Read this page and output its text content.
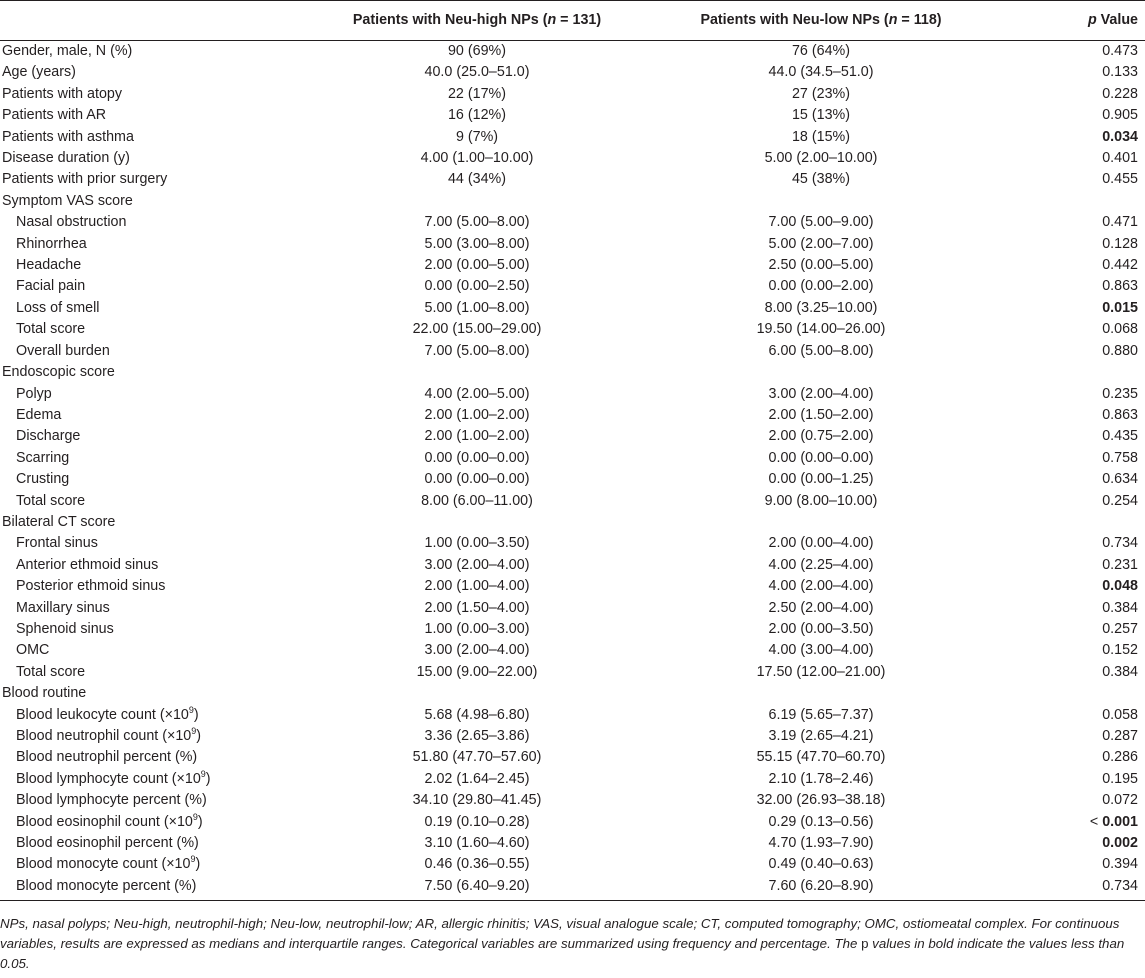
	Patients with Neu-high NPs (n = 131)	Patients with Neu-low NPs (n = 118)	p Value
Gender, male, N (%)	90 (69%)	76 (64%)	0.473
Age (years)	40.0 (25.0–51.0)	44.0 (34.5–51.0)	0.133
Patients with atopy	22 (17%)	27 (23%)	0.228
Patients with AR	16 (12%)	15 (13%)	0.905
Patients with asthma	9 (7%)	18 (15%)	0.034
Disease duration (y)	4.00 (1.00–10.00)	5.00 (2.00–10.00)	0.401
Patients with prior surgery	44 (34%)	45 (38%)	0.455
Symptom VAS score			
Nasal obstruction	7.00 (5.00–8.00)	7.00 (5.00–9.00)	0.471
Rhinorrhea	5.00 (3.00–8.00)	5.00 (2.00–7.00)	0.128
Headache	2.00 (0.00–5.00)	2.50 (0.00–5.00)	0.442
Facial pain	0.00 (0.00–2.50)	0.00 (0.00–2.00)	0.863
Loss of smell	5.00 (1.00–8.00)	8.00 (3.25–10.00)	0.015
Total score	22.00 (15.00–29.00)	19.50 (14.00–26.00)	0.068
Overall burden	7.00 (5.00–8.00)	6.00 (5.00–8.00)	0.880
Endoscopic score			
Polyp	4.00 (2.00–5.00)	3.00 (2.00–4.00)	0.235
Edema	2.00 (1.00–2.00)	2.00 (1.50–2.00)	0.863
Discharge	2.00 (1.00–2.00)	2.00 (0.75–2.00)	0.435
Scarring	0.00 (0.00–0.00)	0.00 (0.00–0.00)	0.758
Crusting	0.00 (0.00–0.00)	0.00 (0.00–1.25)	0.634
Total score	8.00 (6.00–11.00)	9.00 (8.00–10.00)	0.254
Bilateral CT score			
Frontal sinus	1.00 (0.00–3.50)	2.00 (0.00–4.00)	0.734
Anterior ethmoid sinus	3.00 (2.00–4.00)	4.00 (2.25–4.00)	0.231
Posterior ethmoid sinus	2.00 (1.00–4.00)	4.00 (2.00–4.00)	0.048
Maxillary sinus	2.00 (1.50–4.00)	2.50 (2.00–4.00)	0.384
Sphenoid sinus	1.00 (0.00–3.00)	2.00 (0.00–3.50)	0.257
OMC	3.00 (2.00–4.00)	4.00 (3.00–4.00)	0.152
Total score	15.00 (9.00–22.00)	17.50 (12.00–21.00)	0.384
Blood routine			
Blood leukocyte count $(\times 10^9)$	5.68 (4.98–6.80)	6.19 (5.65–7.37)	0.058
Blood neutrophil count $(\times 10^9)$	3.36 (2.65–3.86)	3.19 (2.65–4.21)	0.287
Blood neutrophil percent (%)	51.80 (47.70–57.60)	55.15 (47.70–60.70)	0.286
Blood lymphocyte count $(\times 10^9)$	2.02 (1.64–2.45)	2.10 (1.78–2.46)	0.195
Blood lymphocyte percent (%)	34.10 (29.80–41.45)	32.00 (26.93–38.18)	0.072
Blood eosinophil count $(\times 10^9)$	0.19 (0.10–0.28)	0.29 (0.13–0.56)	< 0.001
Blood eosinophil percent (%)	3.10 (1.60–4.60)	4.70 (1.93–7.90)	0.002
Blood monocyte count $(\times 10^9)$	0.46 (0.36–0.55)	0.49 (0.40–0.63)	0.394
Blood monocyte percent (%)	7.50 (6.40–9.20)	7.60 (6.20–8.90)	0.734
NPs, nasal polyps; Neu-high, neutrophil-high; Neu-low, neutrophil-low; AR, allergic rhinitis; VAS, visual analogue scale; CT, computed tomography; OMC, ostiomeatal complex. For continuous variables, results are expressed as medians and interquartile ranges. Categorical variables are summarized using frequency and percentage. The p values in bold indicate the values less than 0.05.
